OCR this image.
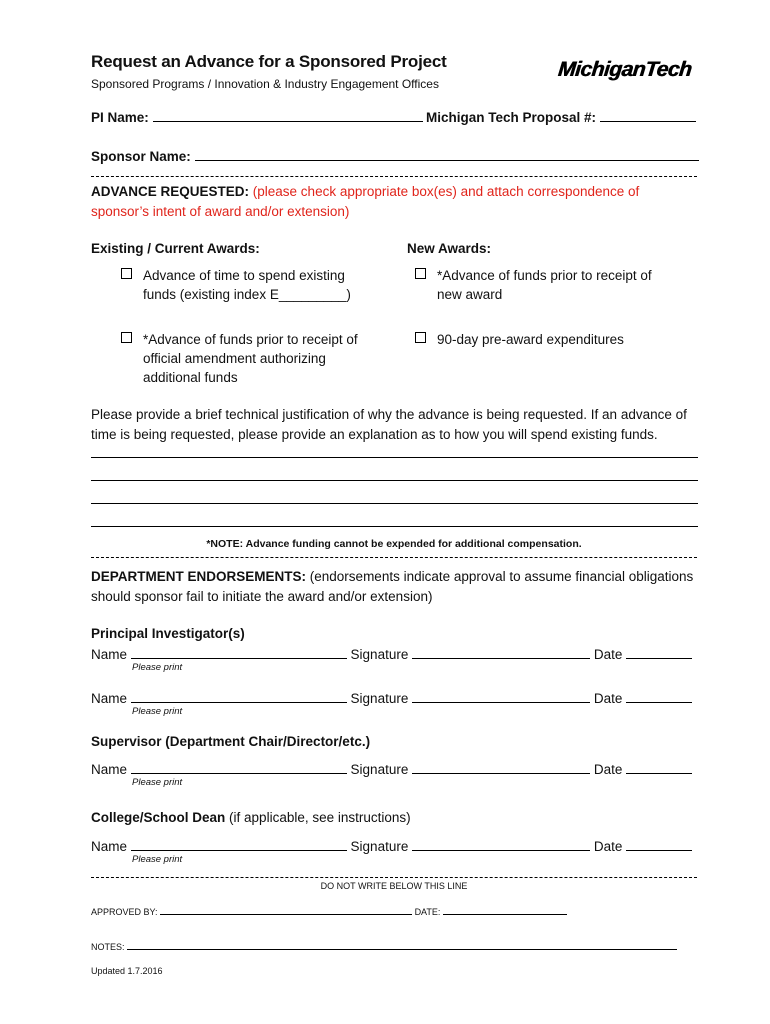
Request an Advance for a Sponsored Project
Sponsored Programs / Innovation & Industry Engagement Offices
MichiganTech
PI Name:	Michigan Tech Proposal #:
Sponsor Name:
ADVANCE REQUESTED: (please check appropriate box(es) and attach correspondence of sponsor’s intent of award and/or extension)
Existing / Current Awards:	New Awards:
Advance of time to spend existing funds (existing index E_________)
*Advance of funds prior to receipt of official amendment authorizing additional funds
*Advance of funds prior to receipt of new award
90-day pre-award expenditures
Please provide a brief technical justification of why the advance is being requested. If an advance of time is being requested, please provide an explanation as to how you will spend existing funds.
*NOTE: Advance funding cannot be expended for additional compensation.
DEPARTMENT ENDORSEMENTS: (endorsements indicate approval to assume financial obligations should sponsor fail to initiate the award and/or extension)
Principal Investigator(s)
Name	Signature	Date
Please print
Name	Signature	Date
Please print
Supervisor (Department Chair/Director/etc.)
Name	Signature	Date
Please print
College/School Dean (if applicable, see instructions)
Name	Signature	Date
Please print
DO NOT WRITE BELOW THIS LINE
APPROVED BY:	DATE:
NOTES:
Updated 1.7.2016
